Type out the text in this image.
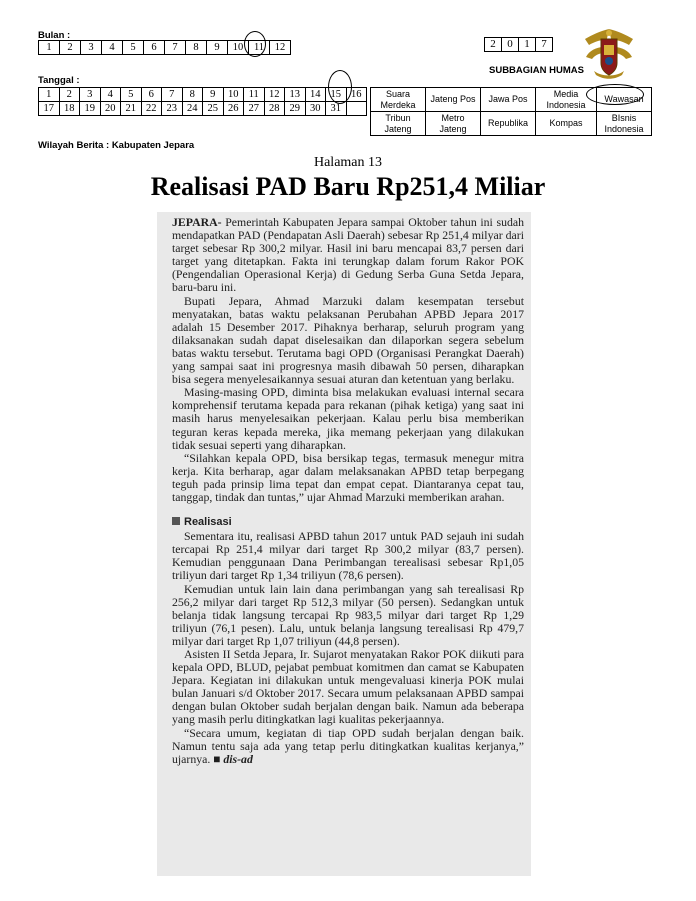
Bulan :
1	2	3	4	5	6	7	8	9	10	11	12
Tanggal :
1	2	3	4	5	6	7	8	9	10	11	12	13	14	15	16
17	18	19	20	21	22	23	24	25	26	27	28	29	30	31	
Wilayah Berita : Kabupaten Jepara
2	0	1	7
SUBBAGIAN HUMAS
Suara Merdeka	Jateng Pos	Jawa Pos	Media Indonesia	Wawasan
Tribun Jateng	Metro Jateng	Republika	Kompas	BIsnis Indonesia
Halaman 13
Realisasi PAD Baru Rp251,4 Miliar

JEPARA- Pemerintah Kabupaten Jepara sampai Oktober tahun ini sudah mendapatkan PAD (Pendapatan Asli Daerah) sebesar Rp 251,4 milyar dari target sebesar Rp 300,2 milyar. Hasil ini baru mencapai 83,7 persen dari target yang ditetapkan. Fakta ini terungkap dalam forum Rakor POK (Pengendalian Operasional Kerja) di Gedung Serba Guna Setda Jepara, baru-baru ini.

Bupati Jepara, Ahmad Marzuki dalam kesempatan tersebut menyatakan, batas waktu pelaksanan Perubahan APBD Jepara 2017 adalah 15 Desember 2017. Pihaknya berharap, seluruh program yang dilaksanakan sudah dapat diselesaikan dan dilaporkan segera sebelum batas waktu tersebut. Terutama bagi OPD (Organisasi Perangkat Daerah) yang sampai saat ini progresnya masih dibawah 50 persen, diharapkan bisa segera menyelesaikannya sesuai aturan dan ketentuan yang berlaku.

Masing-masing OPD, diminta bisa melakukan evaluasi internal secara komprehensif terutama kepada para rekanan (pihak ketiga) yang saat ini masih harus menyelesaikan pekerjaan. Kalau perlu bisa memberikan teguran keras kepada mereka, jika memang pekerjaan yang dilakukan tidak sesuai seperti yang diharapkan.

“Silahkan kepala OPD, bisa bersikap tegas, termasuk menegur mitra kerja. Kita berharap, agar dalam melaksanakan APBD tetap berpegang teguh pada prinsip lima tepat dan empat cepat. Diantaranya cepat tau, tanggap, tindak dan tuntas,” ujar Ahmad Marzuki memberikan arahan.

Realisasi

Sementara itu, realisasi APBD tahun 2017 untuk PAD sejauh ini sudah tercapai Rp 251,4 milyar dari target Rp 300,2 milyar (83,7 persen). Kemudian penggunaan Dana Perimbangan terealisasi sebesar Rp1,05 triliyun dari target Rp 1,34 triliyun (78,6 persen).

Kemudian untuk lain lain dana perimbangan yang sah terealisasi Rp 256,2 milyar dari target Rp 512,3 milyar (50 persen). Sedangkan untuk belanja tidak langsung tercapai Rp 983,5 milyar dari target Rp 1,29 triliyun (76,1 pesen). Lalu, untuk belanja langsung terealisasi Rp 479,7 milyar dari target Rp 1,07 triliyun (44,8 persen).

Asisten II Setda Jepara, Ir. Sujarot menyatakan Rakor POK diikuti para kepala OPD, BLUD, pejabat pembuat komitmen dan camat se Kabupaten Jepara. Kegiatan ini dilakukan untuk mengevaluasi kinerja POK mulai bulan Januari s/d Oktober 2017. Secara umum pelaksanaan APBD sampai dengan bulan Oktober sudah berjalan dengan baik. Namun ada beberapa yang masih perlu ditingkatkan lagi kualitas pekerjaannya.

“Secara umum, kegiatan di tiap OPD sudah berjalan dengan baik. Namun tentu saja ada yang tetap perlu ditingkatkan kualitas kerjanya,” ujarnya. ■ dis-ad
